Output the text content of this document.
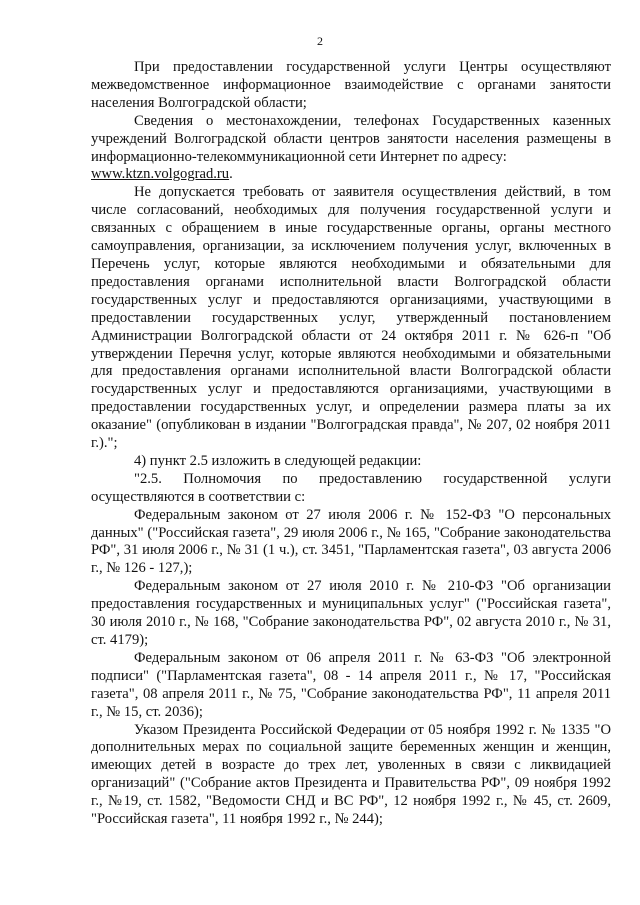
2

При предоставлении государственной услуги Центры осуществляют межведомственное информационное взаимодействие с органами занятости населения Волгоградской области;

Сведения о местонахождении, телефонах Государственных казенных учреждений Волгоградской области центров занятости населения размещены в информационно-телекоммуникационной сети Интернет по адресу:

www.ktzn.volgograd.ru.

Не допускается требовать от заявителя осуществления действий, в том числе согласований, необходимых для получения государственной услуги и связанных с обращением в иные государственные органы, органы местного самоуправления, организации, за исключением получения услуг, включенных в Перечень услуг, которые являются необходимыми и обязательными для предоставления органами исполнительной власти Волгоградской области государственных услуг и предоставляются организациями, участвующими в предоставлении государственных услуг, утвержденный постановлением Администрации Волгоградской области от 24 октября 2011 г. № 626-п "Об утверждении Перечня услуг, которые являются необходимыми и обязательными для предоставления органами исполнительной власти Волгоградской области государственных услуг и предоставляются организациями, участвующими в предоставлении государственных услуг, и определении размера платы за их оказание" (опубликован в издании "Волгоградская правда", № 207, 02 ноября 2011 г.).";

4) пункт 2.5 изложить в следующей редакции:

"2.5. Полномочия по предоставлению государственной услуги осуществляются в соответствии с:

Федеральным законом от 27 июля 2006 г. № 152-ФЗ "О персональных данных" ("Российская газета", 29 июля 2006 г., № 165, "Собрание законодательства РФ", 31 июля 2006 г., № 31 (1 ч.), ст. 3451, "Парламентская газета", 03 августа 2006 г., № 126 - 127,);

Федеральным законом от 27 июля 2010 г. № 210-ФЗ "Об организации предоставления государственных и муниципальных услуг" ("Российская газета", 30 июля 2010 г., № 168, "Собрание законодательства РФ", 02 августа 2010 г., № 31, ст. 4179);

Федеральным законом от 06 апреля 2011 г. № 63-ФЗ "Об электронной подписи" ("Парламентская газета", 08 - 14 апреля 2011 г., № 17, "Российская газета", 08 апреля 2011 г., № 75, "Собрание законодательства РФ", 11 апреля 2011 г., № 15, ст. 2036);

Указом Президента Российской Федерации от 05 ноября 1992 г. № 1335 "О дополнительных мерах по социальной защите беременных женщин и женщин, имеющих детей в возрасте до трех лет, уволенных в связи с ликвидацией организаций" ("Собрание актов Президента и Правительства РФ", 09 ноября 1992 г., №19, ст. 1582, "Ведомости СНД и ВС РФ", 12 ноября 1992 г., № 45, ст. 2609, "Российская газета", 11 ноября 1992 г., № 244);
